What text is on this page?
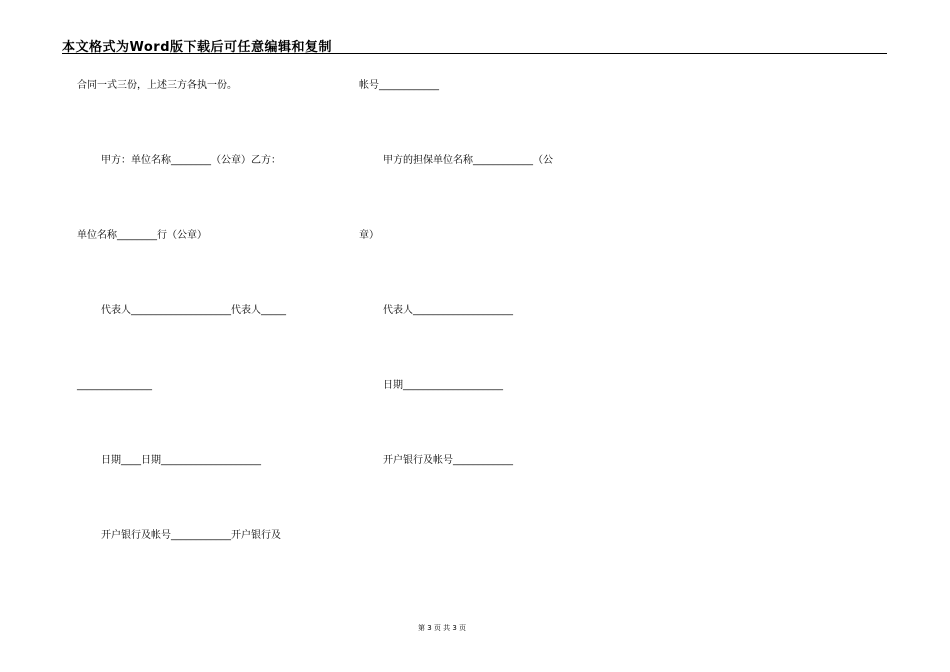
本文格式为Word版下载后可任意编辑和复制
合同一式三份，上述三方各执一份。	帐号____________
甲方：单位名称________（公章）乙方：	甲方的担保单位名称____________（公
单位名称________行（公章）	章）
代表人____________________代表人_____	代表人____________________
_______________	日期____________________
日期____日期____________________	开户银行及帐号____________
开户银行及帐号____________开户银行及
第 3 页 共 3 页
